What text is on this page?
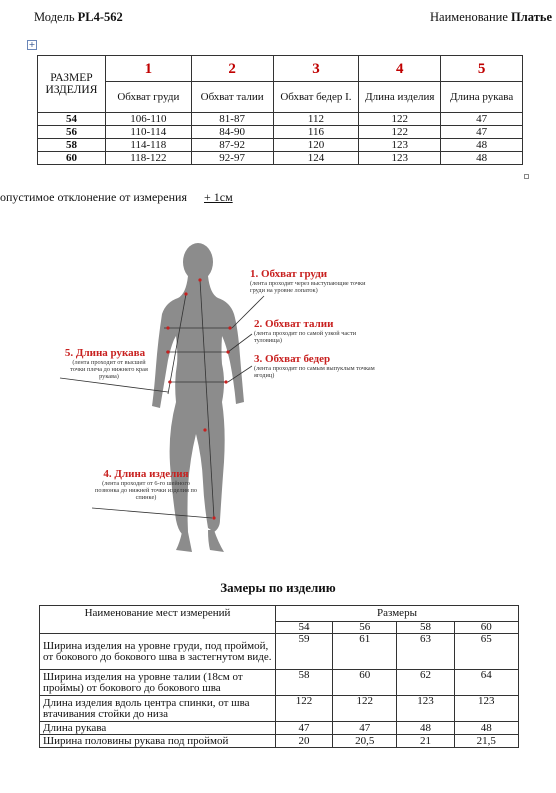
Модель PL4-562	Наименование Платье
+
РАЗМЕР ИЗДЕЛИЯ	1	2	3	4	5
	Обхват груди	Обхват талии	Обхват бедер I.	Длина изделия	Длина рукава
54	106-110	81-87	112	122	47
56	110-114	84-90	116	122	47
58	114-118	87-92	120	123	48
60	118-122	92-97	124	123	48
опустимое отклонение от измерения + 1см
1. Обхват груди
(лента проходит через выступающие точки груди на уровне лопаток)
2. Обхват талии
(лента проходит по самой узкой части туловища)
3. Обхват бедер
(лента проходит по самым выпуклым точкам ягодиц)
5. Длина рукава
(лента проходит от высшей точки плеча до нижнего края рукава)
4. Длина изделия
(лента проходит от 6-го шейного позвонка до нижней точки изделия по спинке)
Замеры по изделию
Наименование мест измерений	Размеры			
	54	56	58	60
Ширина изделия на уровне груди, под проймой, от бокового до бокового шва в застегнутом виде.	59	61	63	65
Ширина изделия на уровне талии (18см от проймы) от бокового до бокового шва	58	60	62	64
Длина изделия вдоль центра спинки, от шва втачивания стойки до низа	122	122	123	123
Длина рукава	47	47	48	48
Ширина половины рукава под проймой	20	20,5	21	21,5
